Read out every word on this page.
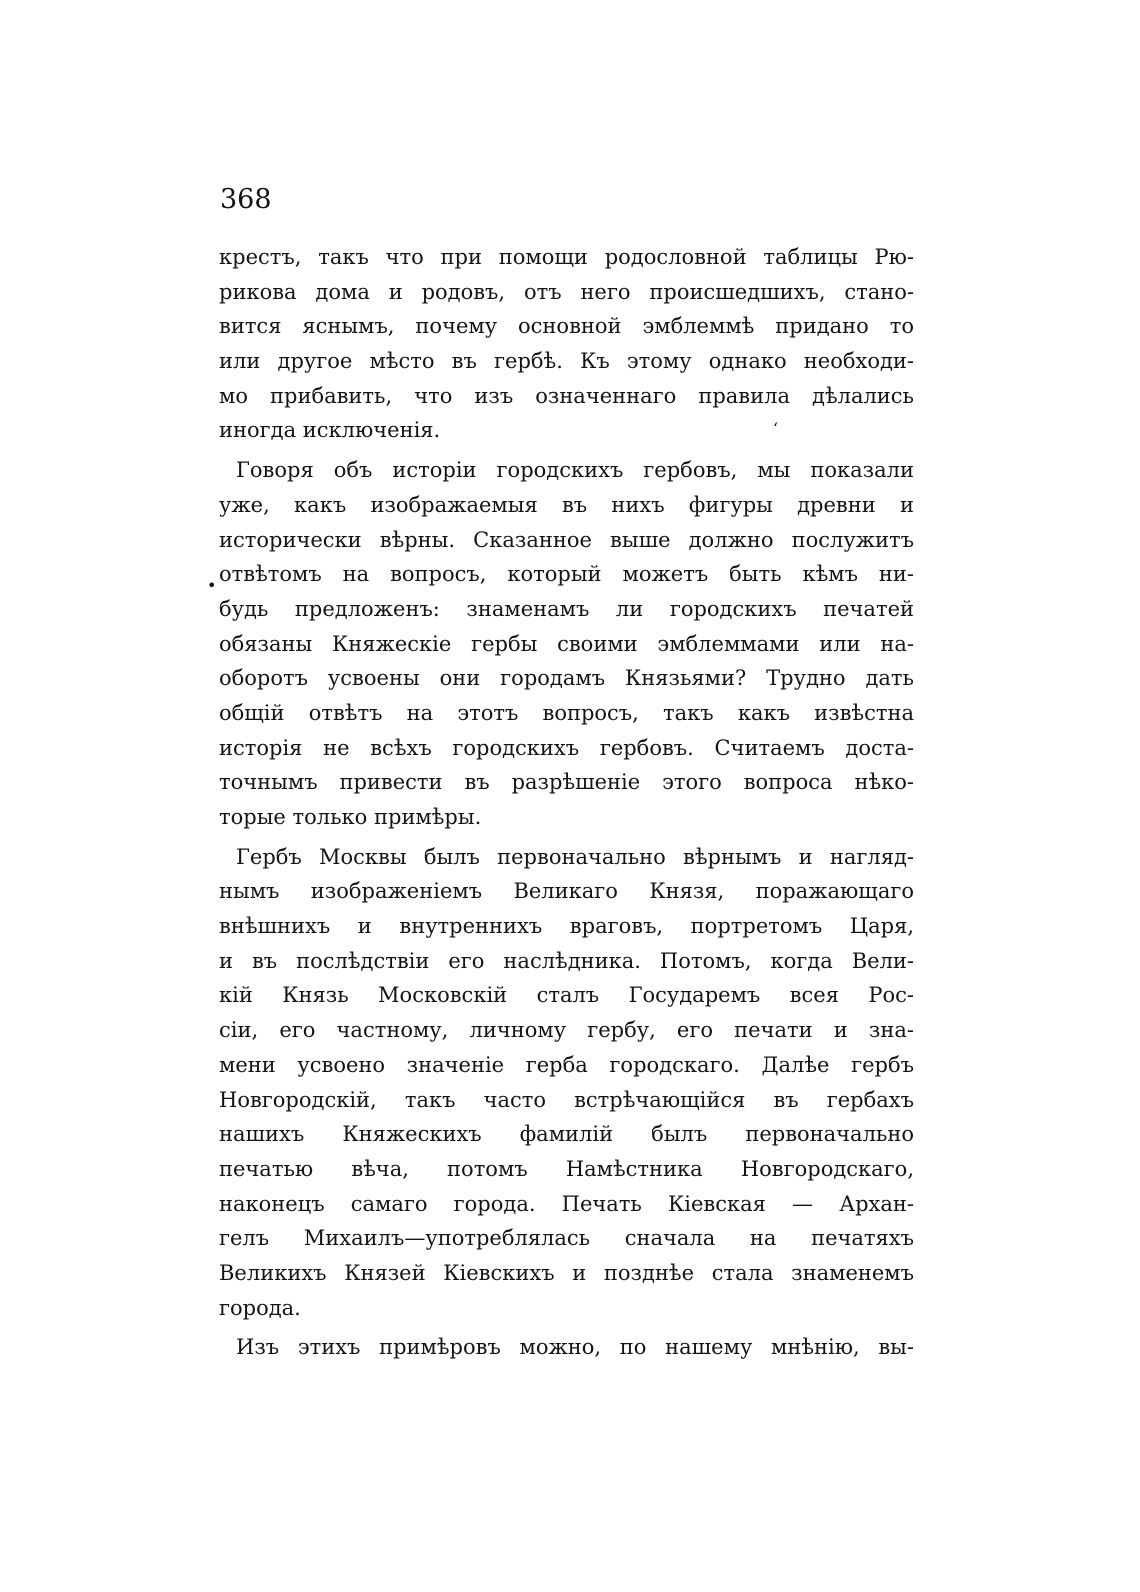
368
•
ʻ
крестъ, такъ что при помощи родословной таблицы Рю-
рикова дома и родовъ, отъ него происшедшихъ, стано-
вится яснымъ, почему основной эмблеммѣ придано то
или другое мѣсто въ гербѣ. Къ этому однако необходи-
мо прибавить, что изъ означеннаго правила дѣлались
иногда исключенія.
Говоря объ исторіи городскихъ гербовъ, мы показали
уже, какъ изображаемыя въ нихъ фигуры древни и
исторически вѣрны. Сказанное выше должно послужитъ
отвѣтомъ на вопросъ, который можетъ быть кѣмъ ни-
будь предложенъ: знаменамъ ли городскихъ печатей
обязаны Княжескіе гербы своими эмблеммами или на-
оборотъ усвоены они городамъ Князьями? Трудно дать
общій отвѣтъ на этотъ вопросъ, такъ какъ извѣстна
исторія не всѣхъ городскихъ гербовъ. Считаемъ доста-
точнымъ привести въ разрѣшеніе этого вопроса нѣко-
торые только примѣры.
Гербъ Москвы былъ первоначально вѣрнымъ и нагляд-
нымъ изображеніемъ Великаго Князя, поражающаго
внѣшнихъ и внутреннихъ враговъ, портретомъ Царя,
и въ послѣдствіи его наслѣдника. Потомъ, когда Вели-
кій Князь Московскій сталъ Государемъ всея Рос-
сіи, его частному, личному гербу, его печати и зна-
мени усвоено значеніе герба городскаго. Далѣе гербъ
Новгородскій, такъ часто встрѣчающійся въ гербахъ
нашихъ Княжескихъ фамилій былъ первоначально
печатью вѣча, потомъ Намѣстника Новгородскаго,
наконецъ самаго города. Печать Кіевская — Архан-
гелъ Михаилъ—употреблялась сначала на печатяхъ
Великихъ Князей Кіевскихъ и позднѣе стала знаменемъ
города.
Изъ этихъ примѣровъ можно, по нашему мнѣнію, вы-
